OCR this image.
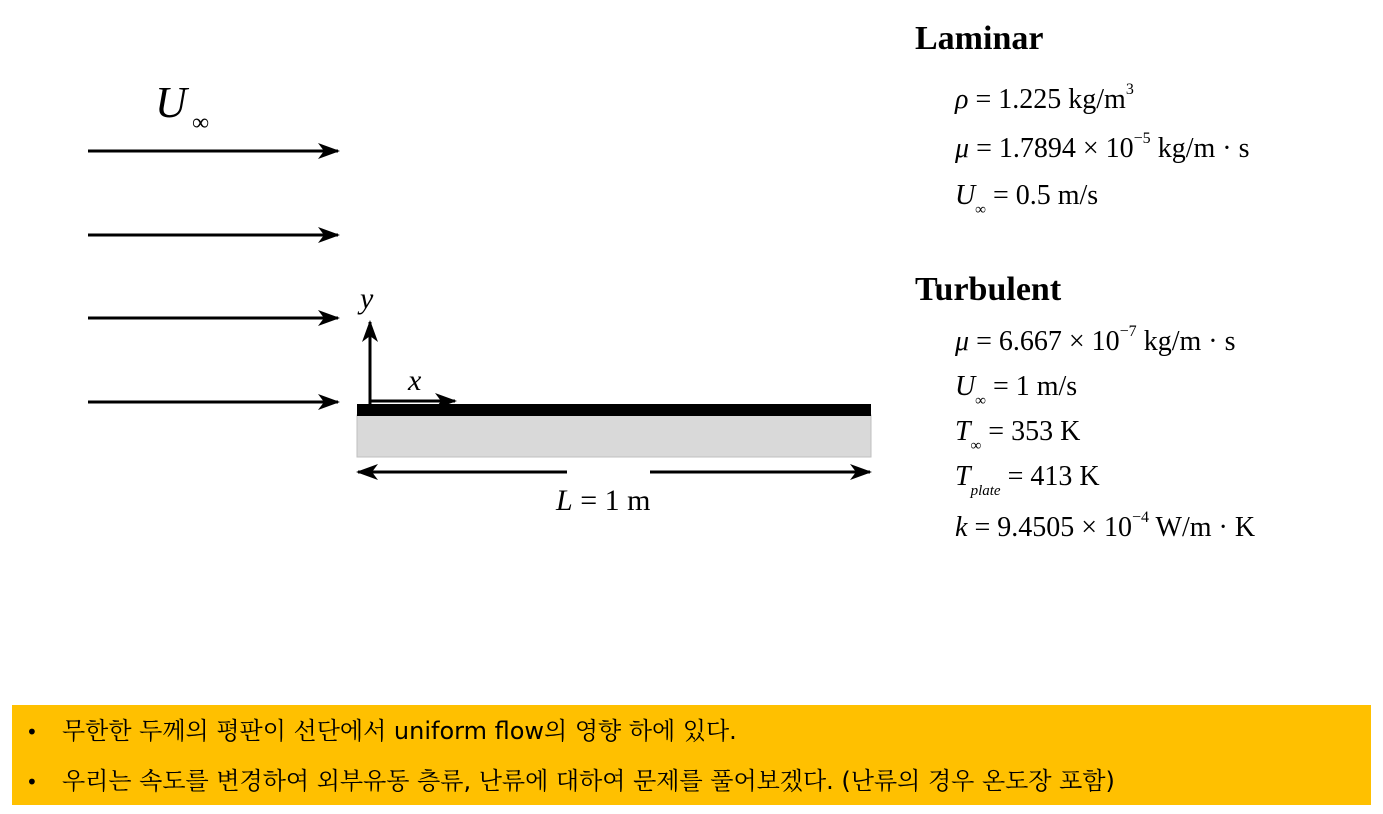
U ∞
y
x
L = 1 m
Laminar
ρ = 1.225 $kg/m^3$
$\mu = 1.7894 \times 10^{-5}$ kg/m · s
$U_\infty = 0.5$ m/s
Turbulent
$\mu = 6.667 \times 10^{-7}$ kg/m · s
$U_\infty = 1$ m/s
$T_\infty = 353$ K
$T_{plate} = 413$ K
$k = 9.4505 \times 10^{-4}$ W/m · K
• 무한한 두께의 평판이 선단에서 uniform flow의 영향 하에 있다.
• 우리는 속도를 변경하여 외부유동 층류, 난류에 대하여 문제를 풀어보겠다. (난류의 경우 온도장 포함)
